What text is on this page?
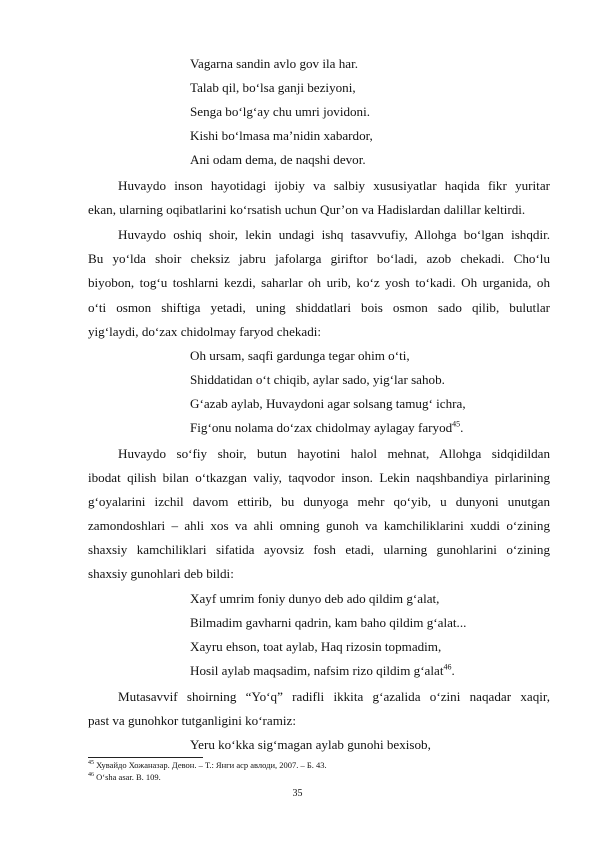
Vagarna sandin avlo gov ila har.
Talab qil, bo‘lsa ganji beziyoni,
Senga bo‘lg‘ay chu umri jovidoni.
Kishi bo‘lmasa ma’nidin xabardor,
Ani odam dema, de naqshi devor.
Huvaydo inson hayotidagi ijobiy va salbiy xususiyatlar haqida fikr yuritar
ekan, ularning oqibatlarini ko‘rsatish uchun Qur’on va Hadislardan dalillar keltirdi.
Huvaydo oshiq shoir, lekin undagi ishq tasavvufiy, Allohga bo‘lgan ishqdir.
Bu yo‘lda shoir cheksiz jabru jafolarga giriftor bo‘ladi, azob chekadi. Cho‘lu
biyobon, tog‘u toshlarni kezdi, saharlar oh urib, ko‘z yosh to‘kadi. Oh urganida, oh
o‘ti osmon shiftiga yetadi, uning shiddatlari bois osmon sado qilib, bulutlar
yig‘laydi, do‘zax chidolmay faryod chekadi:
Oh ursam, saqfi gardunga tegar ohim o‘ti,
Shiddatidan o‘t chiqib, aylar sado, yig‘lar sahob.
G‘azab aylab, Huvaydoni agar solsang tamug‘ ichra,
Fig‘onu nolama do‘zax chidolmay aylagay faryod$^{45}$.
Huvaydo so‘fiy shoir, butun hayotini halol mehnat, Allohga sidqidildan
ibodat qilish bilan o‘tkazgan valiy, taqvodor inson. Lekin naqshbandiya pirlarining
g‘oyalarini izchil davom ettirib, bu dunyoga mehr qo‘yib, u dunyoni unutgan
zamondoshlari – ahli xos va ahli omning gunoh va kamchiliklarini xuddi o‘zining
shaxsiy kamchiliklari sifatida ayovsiz fosh etadi, ularning gunohlarini o‘zining
shaxsiy gunohlari deb bildi:
Xayf umrim foniy dunyo deb ado qildim g‘alat,
Bilmadim gavharni qadrin, kam baho qildim g‘alat...
Xayru ehson, toat aylab, Haq rizosin topmadim,
Hosil aylab maqsadim, nafsim rizo qildim g‘alat$^{46}$.
Mutasavvif shoirning “Yo‘q” radifli ikkita g‘azalida o‘zini naqadar xaqir,
past va gunohkor tutganligini ko‘ramiz:
Yeru ko‘kka sig‘magan aylab gunohi bexisob,
$^{45}$ Хувайдо Хожаназар. Девон. – Т.: Янги аср авлоди, 2007. – Б. 43.
$^{46}$ O‘sha asar. B. 109.
35
